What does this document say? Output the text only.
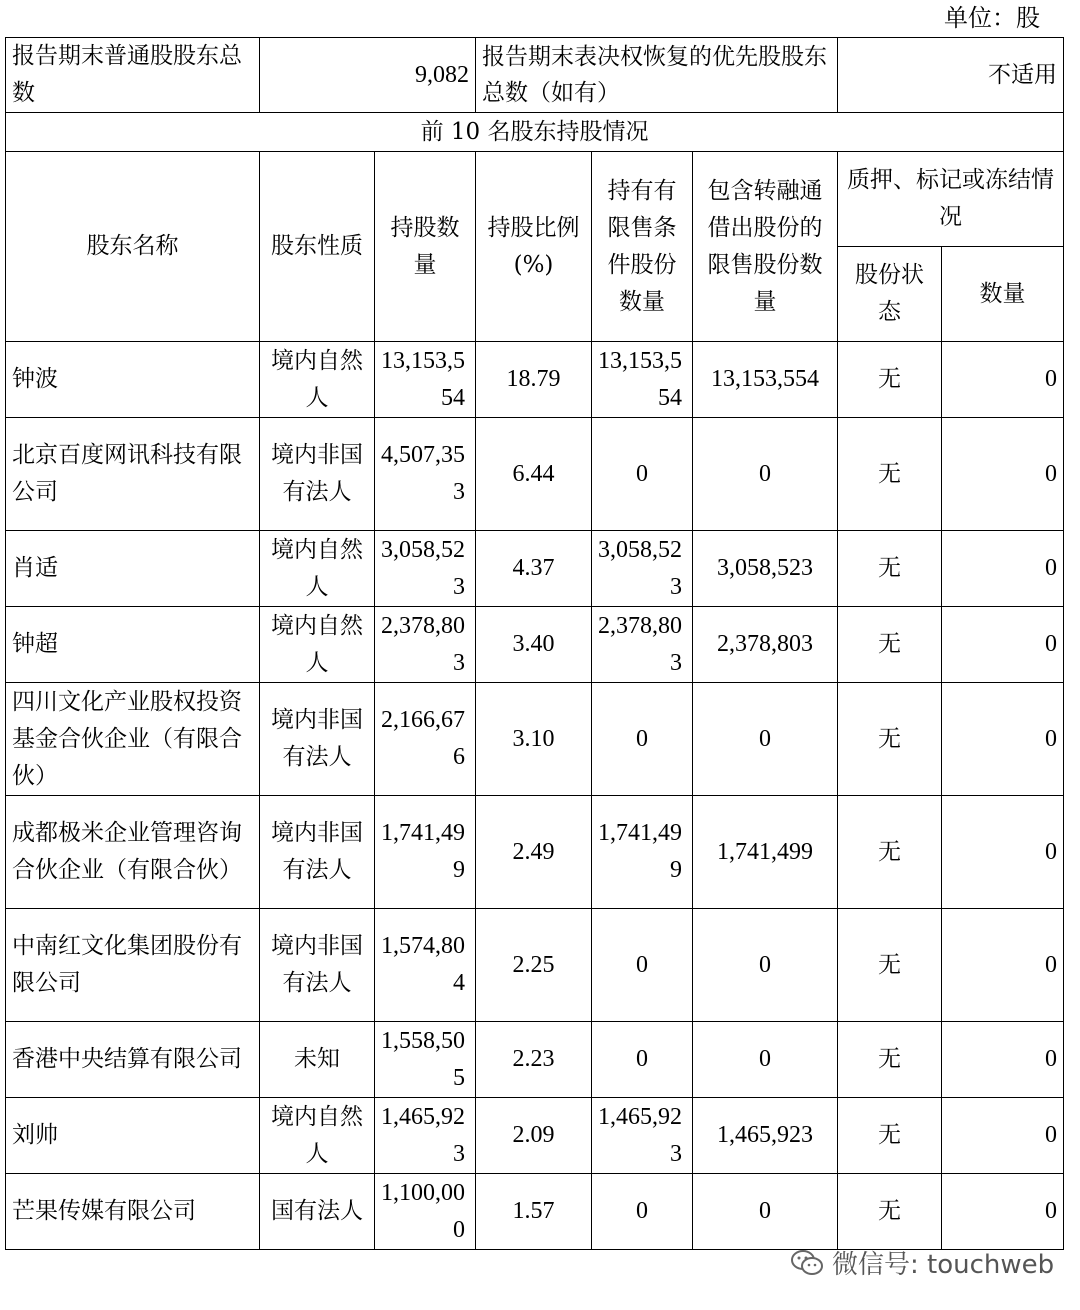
单位：股
报告期末普通股股东总数	9,082		报告期末表决权恢复的优先股股东总数（如有）			不适用	
前 10 名股东持股情况							
股东名称	股东性质	持股数量	持股比例(%)	持有有限售条件股份数量	包含转融通借出股份的限售股份数量	质押、标记或冻结情况	
						股份状态	数量
钟波	境内自然人	13,153,554	18.79	13,153,554	13,153,554	无	0
北京百度网讯科技有限公司	境内非国有法人	4,507,353	6.44	0	0	无	0
肖适	境内自然人	3,058,523	4.37	3,058,523	3,058,523	无	0
钟超	境内自然人	2,378,803	3.40	2,378,803	2,378,803	无	0
四川文化产业股权投资基金合伙企业（有限合伙）	境内非国有法人	2,166,676	3.10	0	0	无	0
成都极米企业管理咨询合伙企业（有限合伙）	境内非国有法人	1,741,499	2.49	1,741,499	1,741,499	无	0
中南红文化集团股份有限公司	境内非国有法人	1,574,804	2.25	0	0	无	0
香港中央结算有限公司	未知	1,558,505	2.23	0	0	无	0
刘帅	境内自然人	1,465,923	2.09	1,465,923	1,465,923	无	0
芒果传媒有限公司	国有法人	1,100,000	1.57	0	0	无	0
微信号: touchweb
